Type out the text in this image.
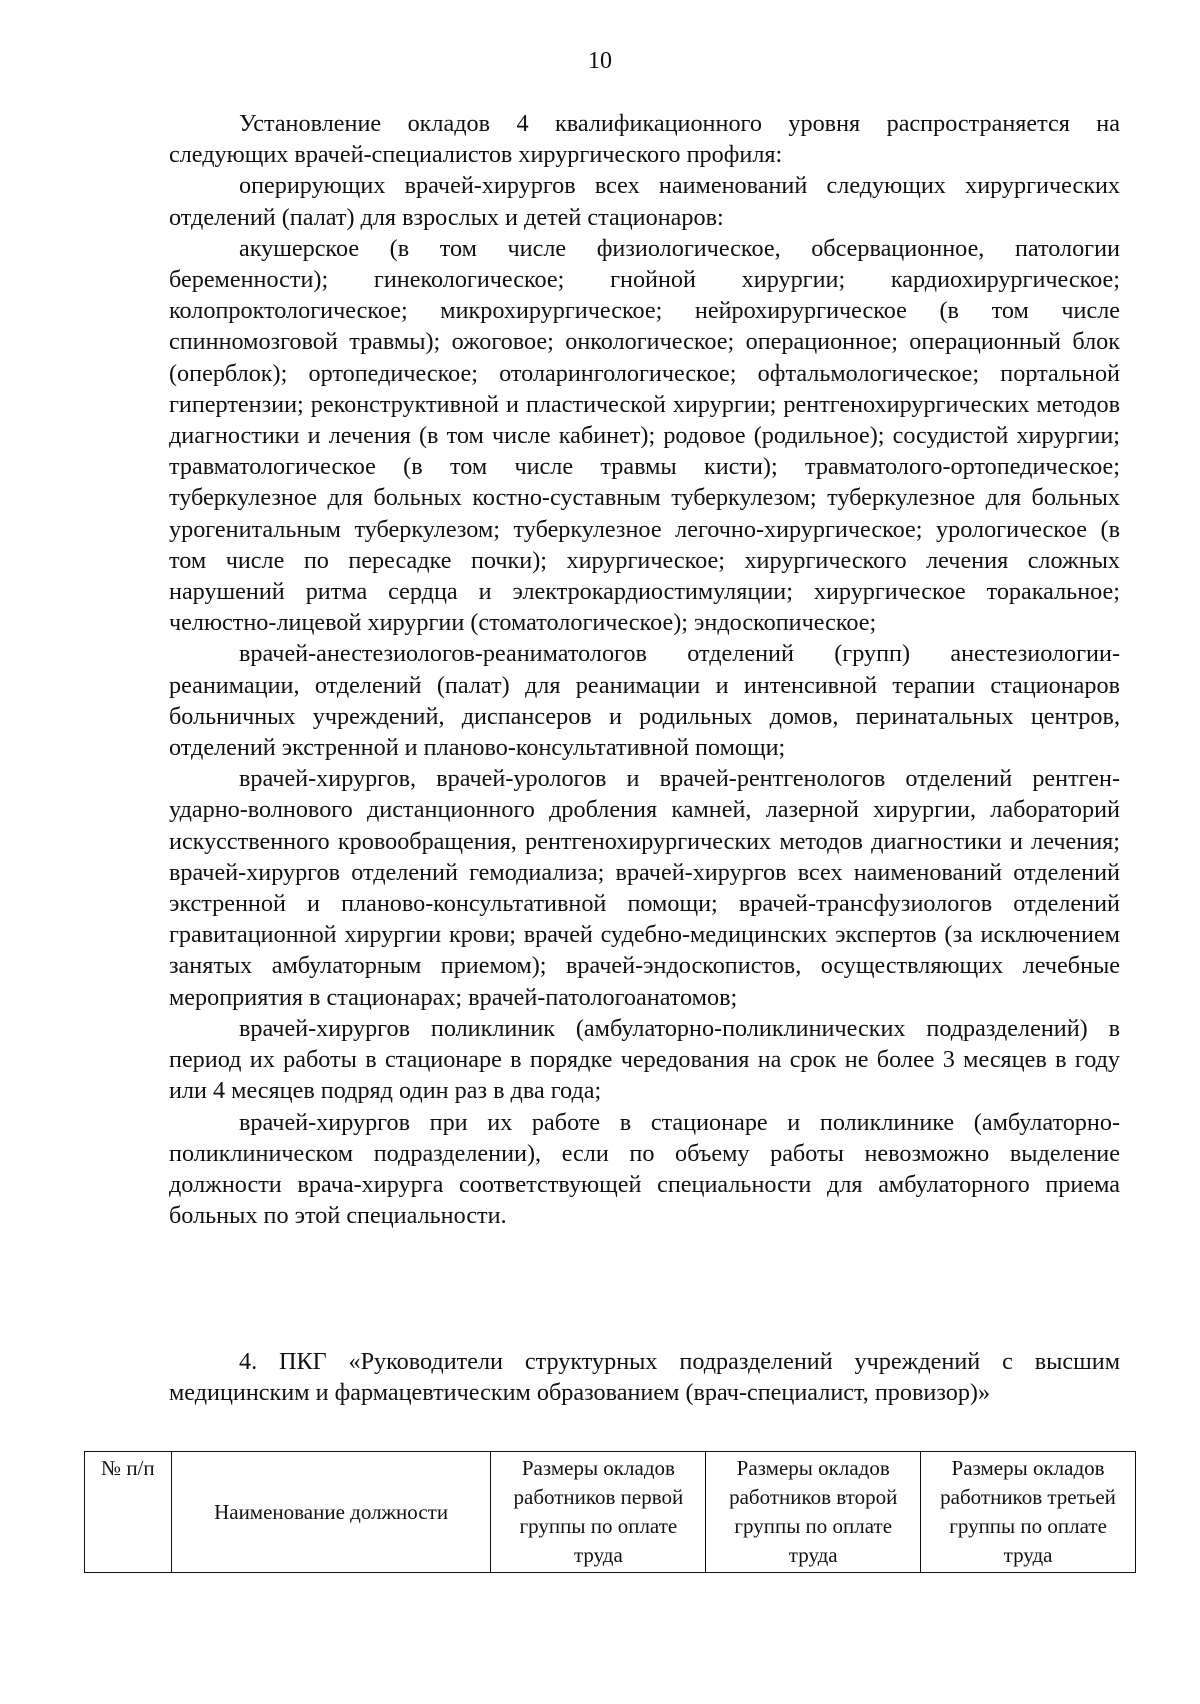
10

Установление окладов 4 квалификационного уровня распространяется на следующих врачей-специалистов хирургического профиля:

оперирующих врачей-хирургов всех наименований следующих хирургических отделений (палат) для взрослых и детей стационаров:

акушерское (в том числе физиологическое, обсервационное, патологии беременности); гинекологическое; гнойной хирургии; кардиохирургическое; колопроктологическое; микрохирургическое; нейрохирургическое (в том числе спинномозговой травмы); ожоговое; онкологическое; операционное; операционный блок (оперблок); ортопедическое; отоларингологическое; офтальмологическое; портальной гипертензии; реконструктивной и пластической хирургии; рентгенохирургических методов диагностики и лечения (в том числе кабинет); родовое (родильное); сосудистой хирургии; травматологическое (в том числе травмы кисти); травматолого-ортопедическое; туберкулезное для больных костно-суставным туберкулезом; туберкулезное для больных урогенитальным туберкулезом; туберкулезное легочно-хирургическое; урологическое (в том числе по пересадке почки); хирургическое; хирургического лечения сложных нарушений ритма сердца и электрокардиостимуляции; хирургическое торакальное; челюстно-лицевой хирургии (стоматологическое); эндоскопическое;

врачей-анестезиологов-реаниматологов отделений (групп) анестезиологии-реанимации, отделений (палат) для реанимации и интенсивной терапии стационаров больничных учреждений, диспансеров и родильных домов, перинатальных центров, отделений экстренной и планово-консультативной помощи;

врачей-хирургов, врачей-урологов и врачей-рентгенологов отделений рентген-ударно-волнового дистанционного дробления камней, лазерной хирургии, лабораторий искусственного кровообращения, рентгенохирургических методов диагностики и лечения; врачей-хирургов отделений гемодиализа; врачей-хирургов всех наименований отделений экстренной и планово-консультативной помощи; врачей-трансфузиологов отделений гравитационной хирургии крови; врачей судебно-медицинских экспертов (за исключением занятых амбулаторным приемом); врачей-эндоскопистов, осуществляющих лечебные мероприятия в стационарах; врачей-патологоанатомов;

врачей-хирургов поликлиник (амбулаторно-поликлинических подразделений) в период их работы в стационаре в порядке чередования на срок не более 3 месяцев в году или 4 месяцев подряд один раз в два года;

врачей-хирургов при их работе в стационаре и поликлинике (амбулаторно-поликлиническом подразделении), если по объему работы невозможно выделение должности врача-хирурга соответствующей специальности для амбулаторного приема больных по этой специальности.

4. ПКГ «Руководители структурных подразделений учреждений с высшим медицинским и фармацевтическим образованием (врач-специалист, провизор)»

№ п/п	Наименование должности	Размеры окладов работников первой группы по оплате труда	Размеры окладов работников второй группы по оплате труда	Размеры окладов работников третьей группы по оплате труда
